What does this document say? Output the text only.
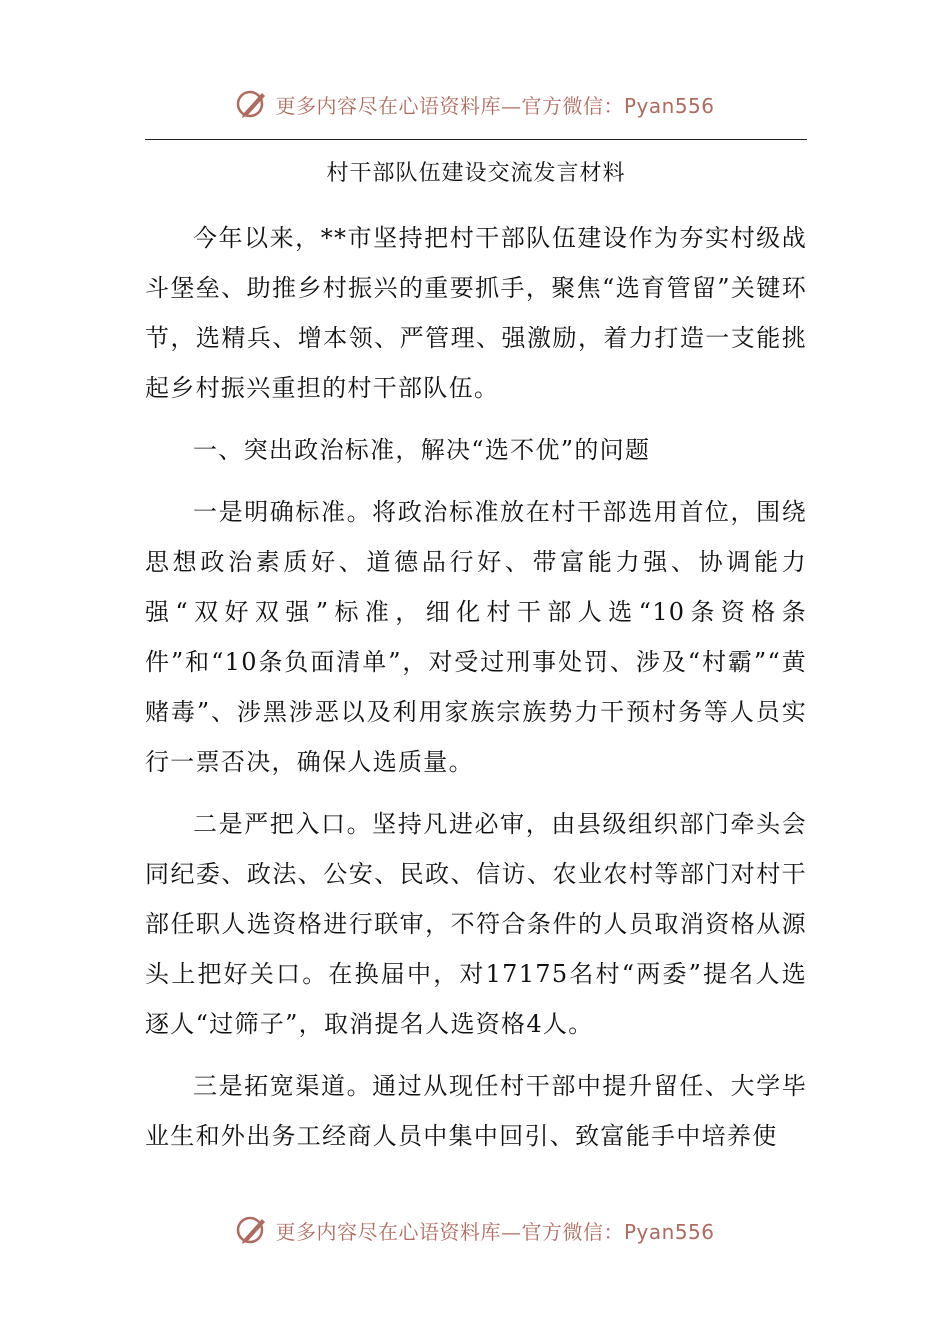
更多内容尽在心语资料库—官方微信：Pyan556
村干部队伍建设交流发言材料

今年以来，**市坚持把村干部队伍建设作为夯实村级战斗堡垒、助推乡村振兴的重要抓手，聚焦“选育管留”关键环节，选精兵、增本领、严管理、强激励，着力打造一支能挑起乡村振兴重担的村干部队伍。

一、突出政治标准，解决“选不优”的问题

一是明确标准。将政治标准放在村干部选用首位，围绕思想政治素质好、道德品行好、带富能力强、协调能力强“双好双强”标准，细化村干部人选“10条资格条件”和“10条负面清单”，对受过刑事处罚、涉及“村霸”“黄赌毒”、涉黑涉恶以及利用家族宗族势力干预村务等人员实行一票否决，确保人选质量。

二是严把入口。坚持凡进必审，由县级组织部门牵头会同纪委、政法、公安、民政、信访、农业农村等部门对村干部任职人选资格进行联审，不符合条件的人员取消资格从源头上把好关口。在换届中，对17175名村“两委”提名人选逐人“过筛子”，取消提名人选资格4人。

三是拓宽渠道。通过从现任村干部中提升留任、大学毕业生和外出务工经商人员中集中回引、致富能手中培养使

更多内容尽在心语资料库—官方微信：Pyan556
